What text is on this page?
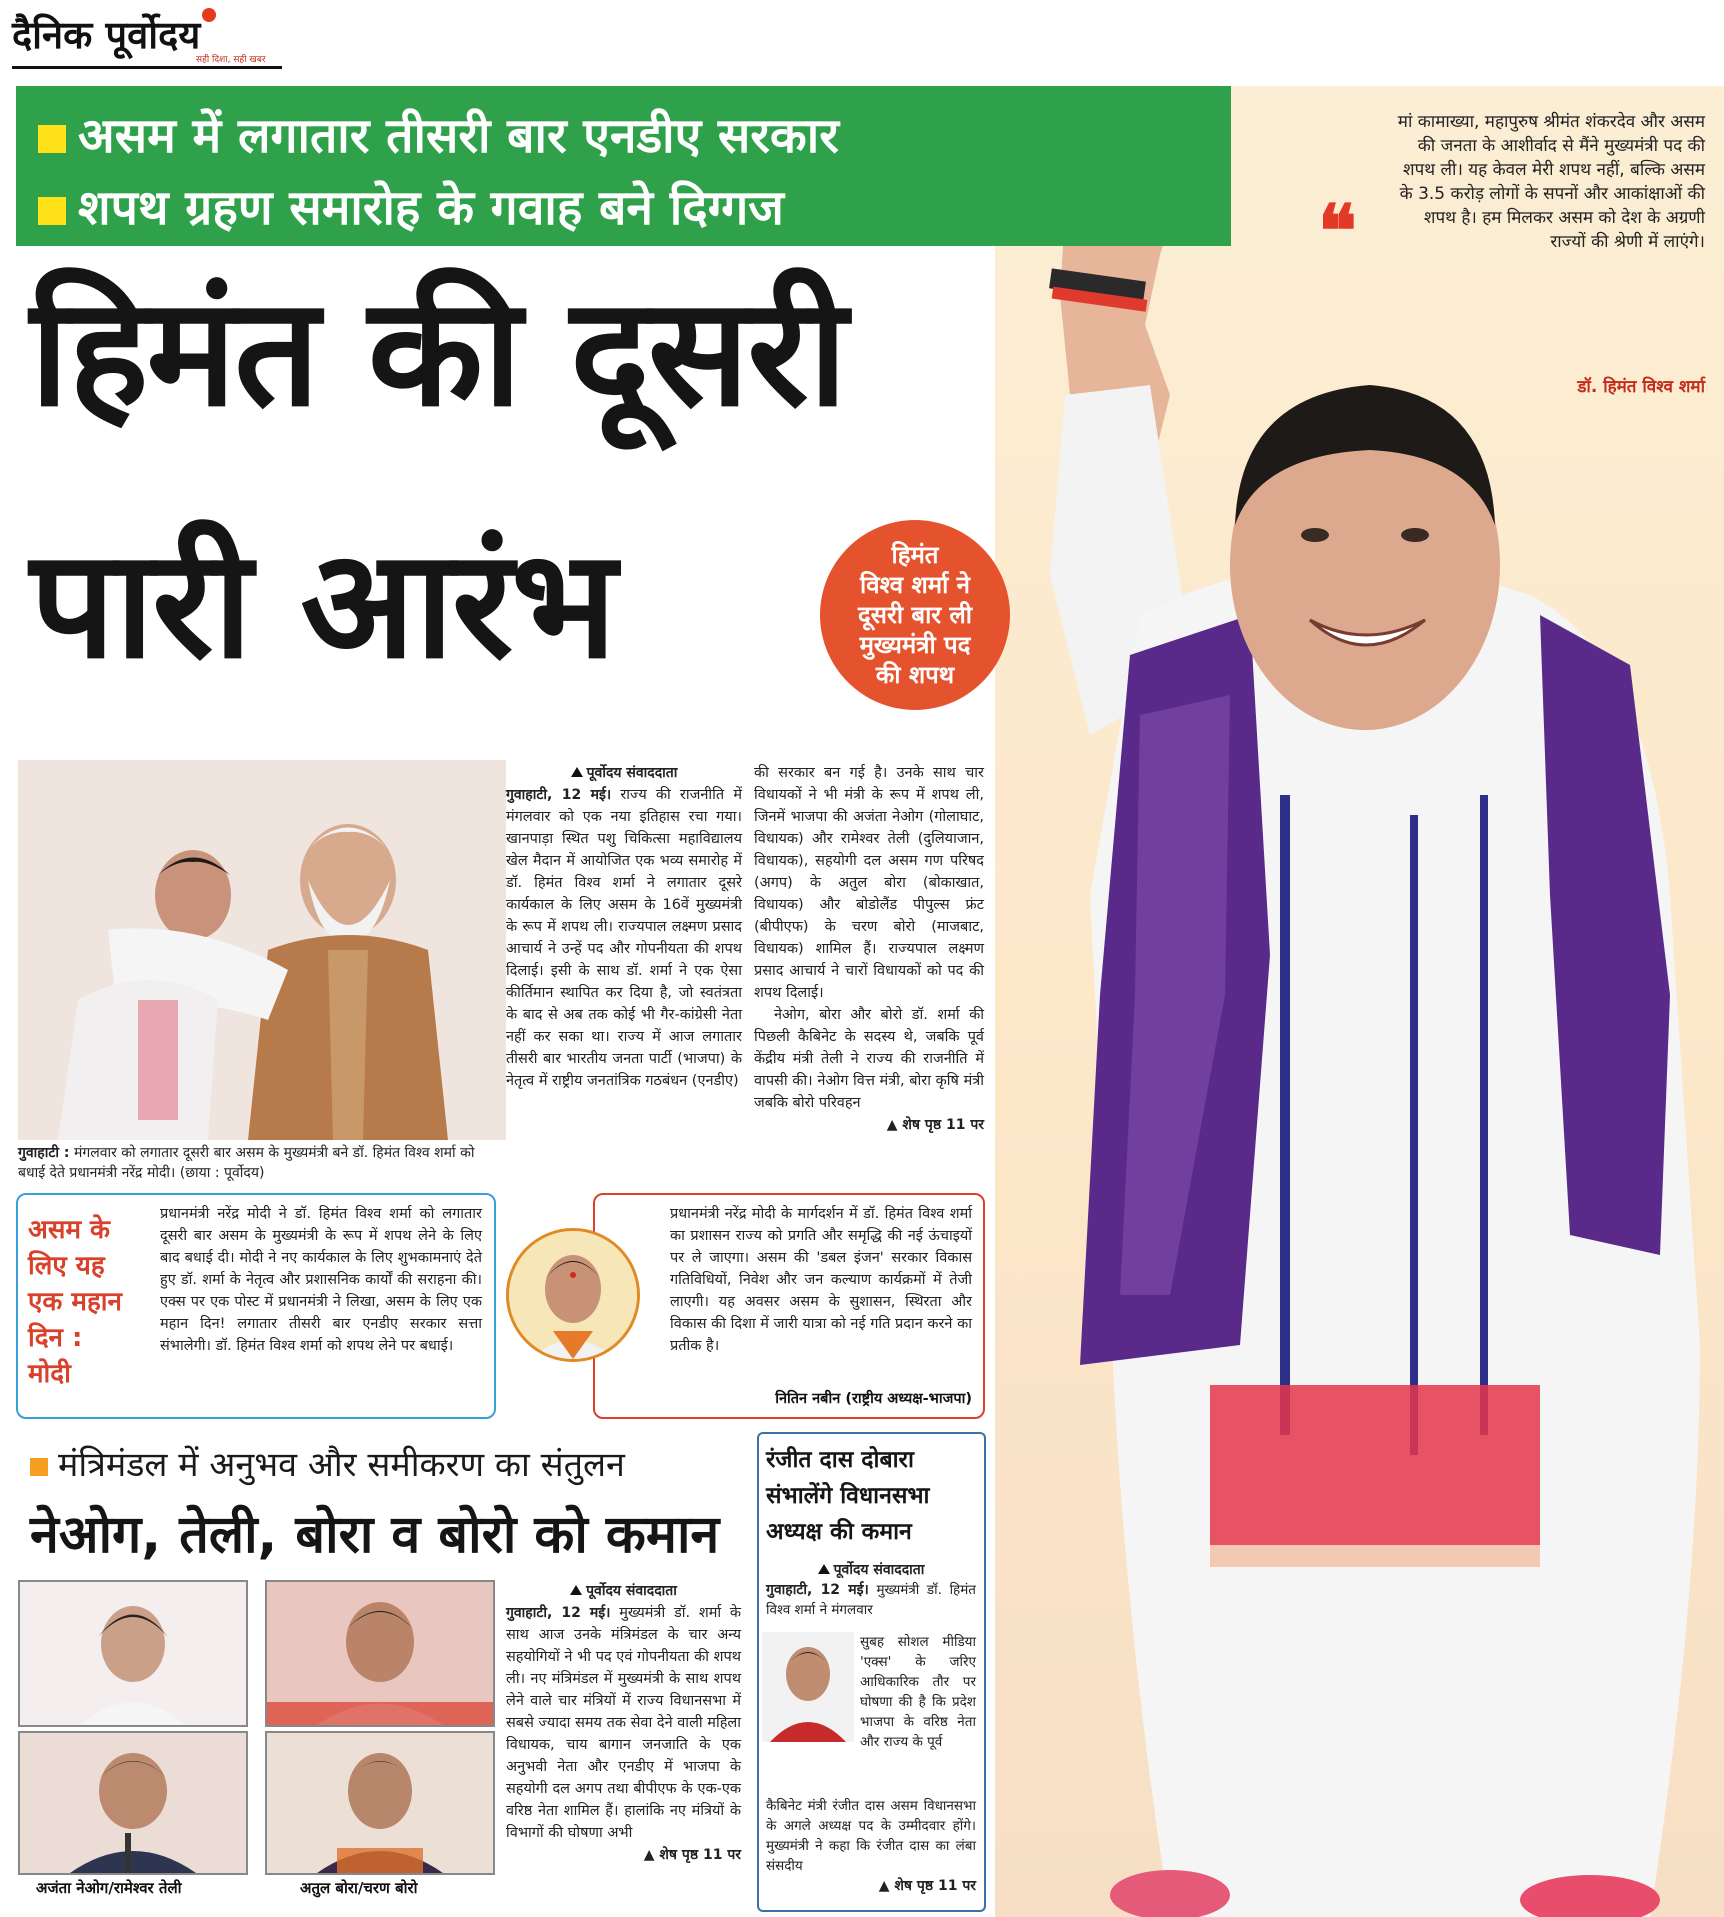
दैनिक पूर्वोदय
सही दिशा, सही खबर
❝
मां कामाख्या, महापुरुष श्रीमंत शंकरदेव और असम की जनता के आशीर्वाद से मैंने मुख्यमंत्री पद की शपथ ली। यह केवल मेरी शपथ नहीं, बल्कि असम के 3.5 करोड़ लोगों के सपनों और आकांक्षाओं की शपथ है। हम मिलकर असम को देश के अग्रणी राज्यों की श्रेणी में लाएंगे।
डॉ. हिमंत विश्व शर्मा
असम में लगातार तीसरी बार एनडीए सरकार
शपथ ग्रहण समारोह के गवाह बने दिग्गज
हिमंत की दूसरी
पारी आरंभ	हिमंत
विश्व शर्मा ने
दूसरी बार ली
मुख्यमंत्री पद
की शपथ
गुवाहाटी : मंगलवार को लगातार दूसरी बार असम के मुख्यमंत्री बने डॉ. हिमंत विश्व शर्मा को बधाई देते प्रधानमंत्री नरेंद्र मोदी। (छाया : पूर्वोदय)
पूर्वोदय संवाददाता
गुवाहाटी, 12 मई। राज्य की राजनीति में मंगलवार को एक नया इतिहास रचा गया। खानपाड़ा स्थित पशु चिकित्सा महाविद्यालय खेल मैदान में आयोजित एक भव्य समारोह में डॉ. हिमंत विश्व शर्मा ने लगातार दूसरे कार्यकाल के लिए असम के 16वें मुख्यमंत्री के रूप में शपथ ली। राज्यपाल लक्ष्मण प्रसाद आचार्य ने उन्हें पद और गोपनीयता की शपथ दिलाई। इसी के साथ डॉ. शर्मा ने एक ऐसा कीर्तिमान स्थापित कर दिया है, जो स्वतंत्रता के बाद से अब तक कोई भी गैर-कांग्रेसी नेता नहीं कर सका था। राज्य में आज लगातार तीसरी बार भारतीय जनता पार्टी (भाजपा) के नेतृत्व में राष्ट्रीय जनतांत्रिक गठबंधन (एनडीए)
की सरकार बन गई है। उनके साथ चार विधायकों ने भी मंत्री के रूप में शपथ ली, जिनमें भाजपा की अजंता नेओग (गोलाघाट, विधायक) और रामेश्वर तेली (दुलियाजान, विधायक), सहयोगी दल असम गण परिषद (अगप) के अतुल बोरा (बोकाखात, विधायक) और बोडोलैंड पीपुल्स फ्रंट (बीपीएफ) के चरण बोरो (माजबाट, विधायक) शामिल हैं। राज्यपाल लक्ष्मण प्रसाद आचार्य ने चारों विधायकों को पद की शपथ दिलाई।
नेओग, बोरा और बोरो डॉ. शर्मा की पिछली कैबिनेट के सदस्य थे, जबकि पूर्व केंद्रीय मंत्री तेली ने राज्य की राजनीति में वापसी की। नेओग वित्त मंत्री, बोरा कृषि मंत्री जबकि बोरो परिवहन
▲ शेष पृष्ठ 11 पर
असम के
लिए यह
एक महान
दिन :
मोदी
प्रधानमंत्री नरेंद्र मोदी ने डॉ. हिमंत विश्व शर्मा को लगातार दूसरी बार असम के मुख्यमंत्री के रूप में शपथ लेने के लिए बाद बधाई दी। मोदी ने नए कार्यकाल के लिए शुभकामनाएं देते हुए डॉ. शर्मा के नेतृत्व और प्रशासनिक कार्यों की सराहना की। एक्स पर एक पोस्ट में प्रधानमंत्री ने लिखा, असम के लिए एक महान दिन! लगातार तीसरी बार एनडीए सरकार सत्ता संभालेगी। डॉ. हिमंत विश्व शर्मा को शपथ लेने पर बधाई।
प्रधानमंत्री नरेंद्र मोदी के मार्गदर्शन में डॉ. हिमंत विश्व शर्मा का प्रशासन राज्य को प्रगति और समृद्धि की नई ऊंचाइयों पर ले जाएगा। असम की 'डबल इंजन' सरकार विकास गतिविधियों, निवेश और जन कल्याण कार्यक्रमों में तेजी लाएगी। यह अवसर असम के सुशासन, स्थिरता और विकास की दिशा में जारी यात्रा को नई गति प्रदान करने का प्रतीक है।
नितिन नबीन (राष्ट्रीय अध्यक्ष-भाजपा)
मंत्रिमंडल में अनुभव और समीकरण का संतुलन
नेओग, तेली, बोरा व बोरो को कमान
अजंता नेओग/रामेश्वर तेली	अतुल बोरा/चरण बोरो
पूर्वोदय संवाददाता
गुवाहाटी, 12 मई। मुख्यमंत्री डॉ. शर्मा के साथ आज उनके मंत्रिमंडल के चार अन्य सहयोगियों ने भी पद एवं गोपनीयता की शपथ ली। नए मंत्रिमंडल में मुख्यमंत्री के साथ शपथ लेने वाले चार मंत्रियों में राज्य विधानसभा में सबसे ज्यादा समय तक सेवा देने वाली महिला विधायक, चाय बागान जनजाति के एक अनुभवी नेता और एनडीए में भाजपा के सहयोगी दल अगप तथा बीपीएफ के एक-एक वरिष्ठ नेता शामिल हैं। हालांकि नए मंत्रियों के विभागों की घोषणा अभी
▲ शेष पृष्ठ 11 पर
रंजीत दास दोबारा
संभालेंगे विधानसभा
अध्यक्ष की कमान
पूर्वोदय संवाददाता
गुवाहाटी, 12 मई। मुख्यमंत्री डॉ. हिमंत विश्व शर्मा ने मंगलवार
सुबह सोशल मीडिया 'एक्स' के जरिए आधिकारिक तौर पर घोषणा की है कि प्रदेश भाजपा के वरिष्ठ नेता और राज्य के पूर्व
कैबिनेट मंत्री रंजीत दास असम विधानसभा के अगले अध्यक्ष पद के उम्मीदवार होंगे। मुख्यमंत्री ने कहा कि रंजीत दास का लंबा संसदीय
▲ शेष पृष्ठ 11 पर
